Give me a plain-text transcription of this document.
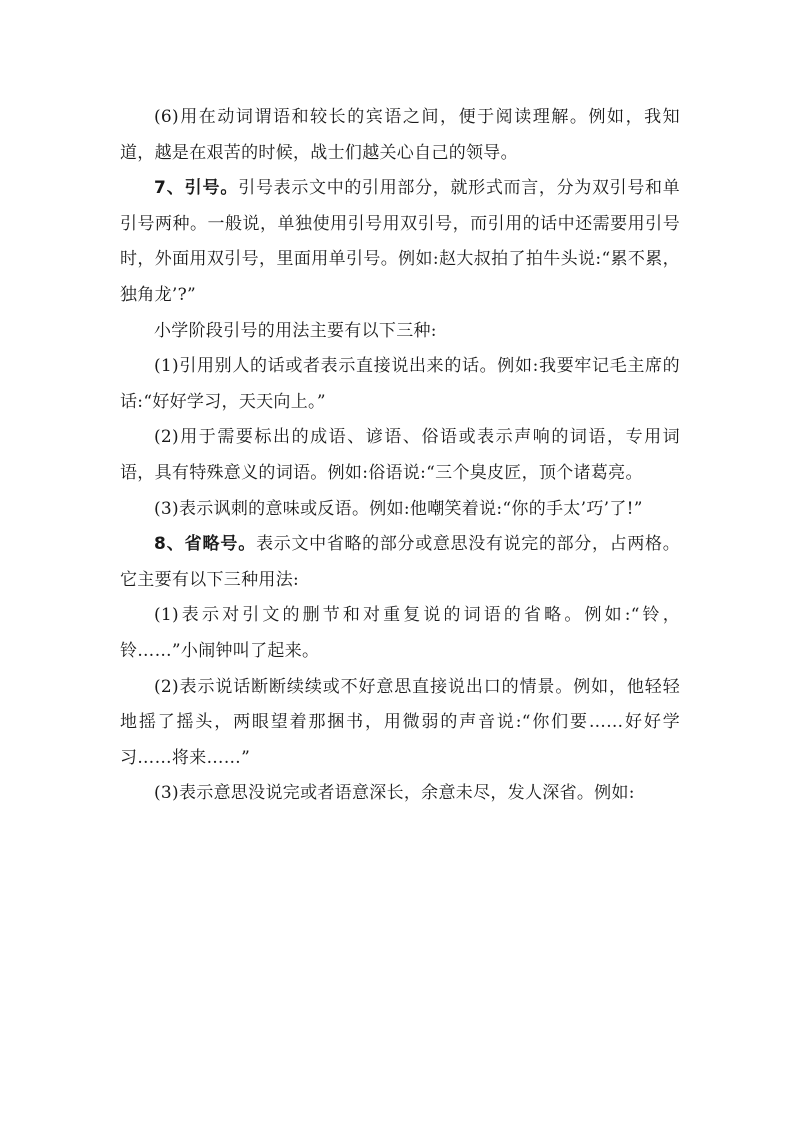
(6)用在动词谓语和较长的宾语之间，便于阅读理解。例如，我知道，越是在艰苦的时候，战士们越关心自己的领导。

7、引号。引号表示文中的引用部分，就形式而言，分为双引号和单引号两种。一般说，单独使用引号用双引号，而引用的话中还需要用引号时，外面用双引号，里面用单引号。例如:赵大叔拍了拍牛头说:“累不累，独角龙’?”

小学阶段引号的用法主要有以下三种:

(1)引用别人的话或者表示直接说出来的话。例如:我要牢记毛主席的话:“好好学习，天天向上。”

(2)用于需要标出的成语、谚语、俗语或表示声响的词语，专用词语，具有特殊意义的词语。例如:俗语说:“三个臭皮匠，顶个诸葛亮。

(3)表示讽刺的意味或反语。例如:他嘲笑着说:“你的手太’巧’了!”

8、省略号。表示文中省略的部分或意思没有说完的部分，占两格。它主要有以下三种用法:

(1)表示对引文的删节和对重复说的词语的省略。例如:“铃，铃……”小闹钟叫了起来。

(2)表示说话断断续续或不好意思直接说出口的情景。例如，他轻轻地摇了摇头，两眼望着那捆书，用微弱的声音说:“你们要……好好学习……将来……”

(3)表示意思没说完或者语意深长，余意未尽，发人深省。例如:
